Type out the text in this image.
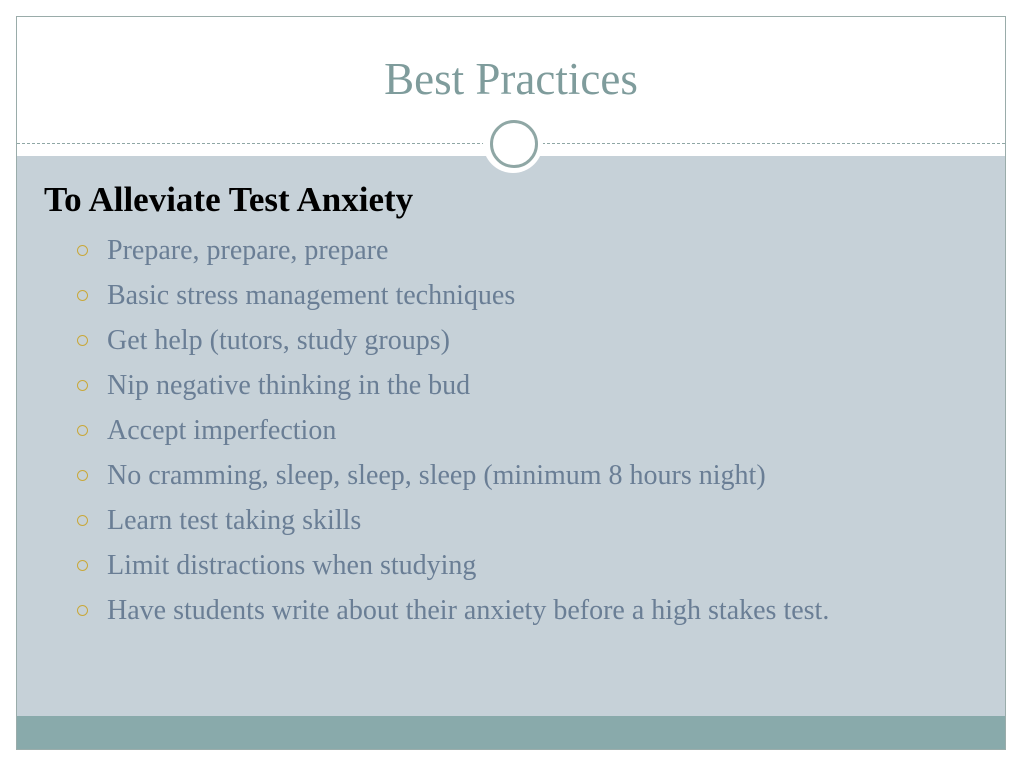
Best Practices
To Alleviate Test Anxiety
Prepare, prepare, prepare
Basic stress management techniques
Get help (tutors, study groups)
Nip negative thinking in the bud
Accept imperfection
No cramming, sleep, sleep, sleep (minimum 8 hours night)
Learn test taking skills
Limit distractions when studying
Have students write about their anxiety before a high stakes test.
